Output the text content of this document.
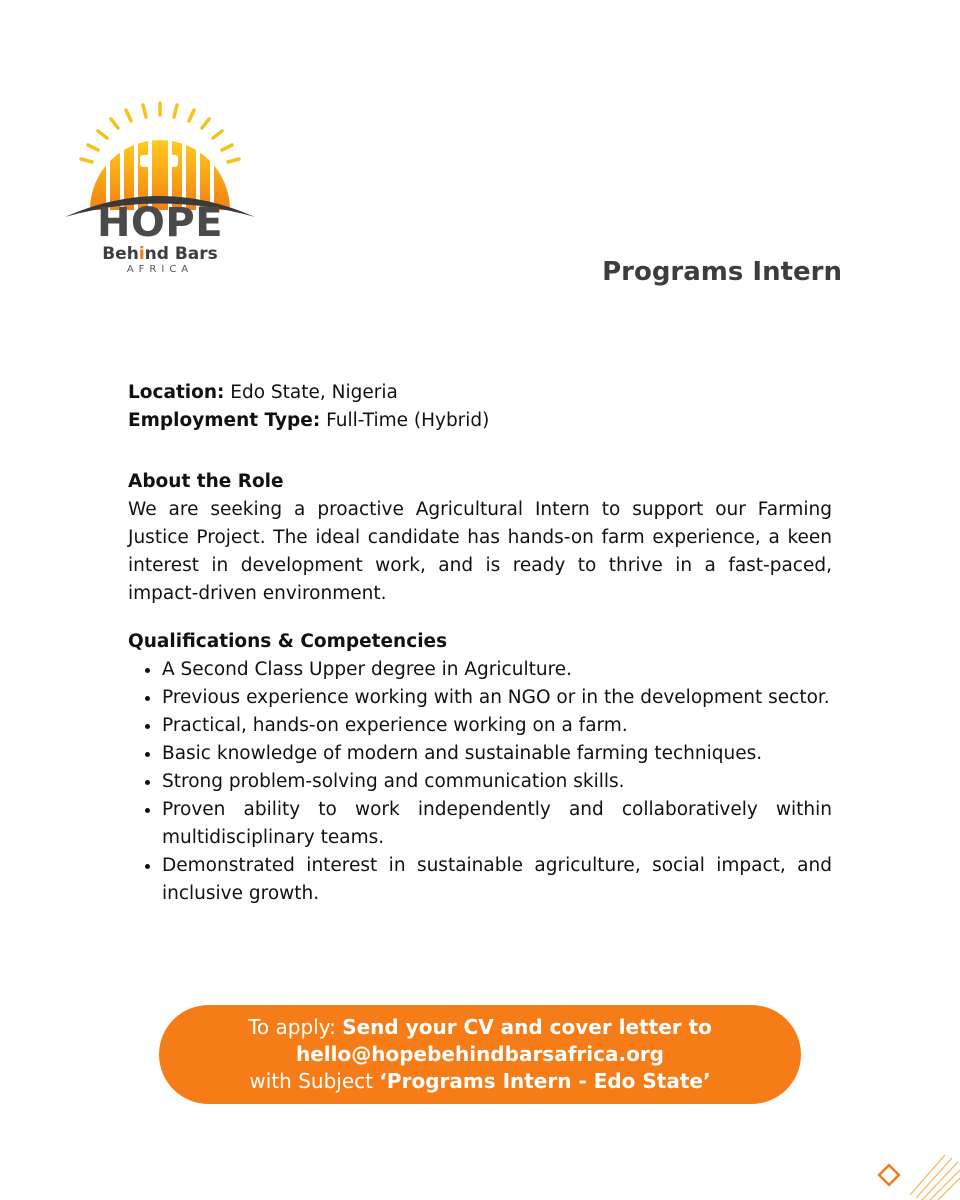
HOPE
Behind Bars
AFRICA	Programs Intern

Location: Edo State, Nigeria

Employment Type: Full-Time (Hybrid)

About the Role

We are seeking a proactive Agricultural Intern to support our Farming Justice Project. The ideal candidate has hands-on farm experience, a keen interest in development work, and is ready to thrive in a fast-paced, impact-driven environment.

Qualifications & Competencies

• A Second Class Upper degree in Agriculture.
• Previous experience working with an NGO or in the development sector.
• Practical, hands-on experience working on a farm.
• Basic knowledge of modern and sustainable farming techniques.
• Strong problem-solving and communication skills.
• Proven ability to work independently and collaboratively within multidisciplinary teams.
• Demonstrated interest in sustainable agriculture, social impact, and inclusive growth.
To apply: Send your CV and cover letter to
hello@hopebehindbarsafrica.org
with Subject ‘Programs Intern - Edo State’
